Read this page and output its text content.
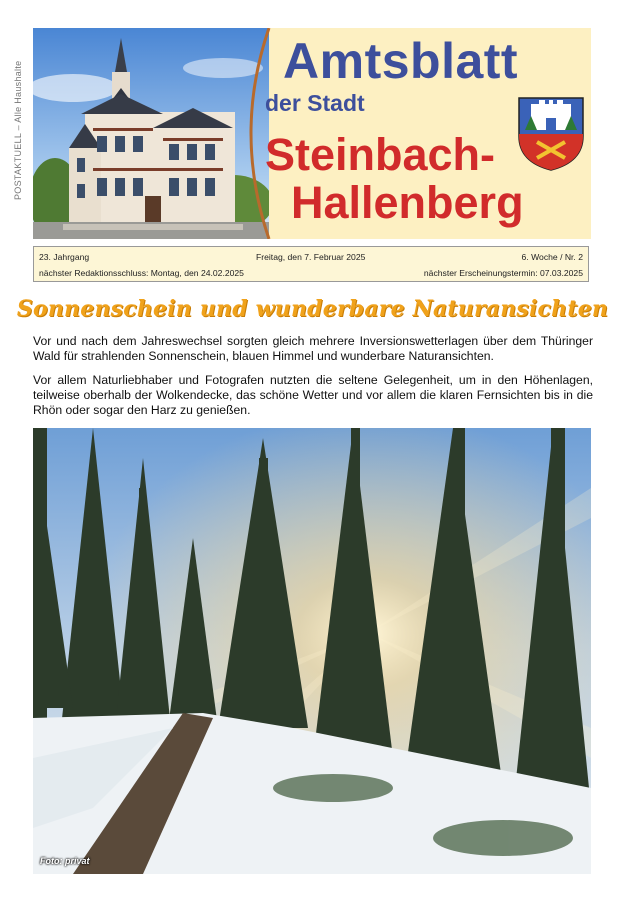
POSTAKTUELL – Alle Haushalte	Amtsblatt
der Stadt
Steinbach-
Hallenberg
23. Jahrgang	Freitag, den 7. Februar 2025	6. Woche / Nr. 2
nächster Redaktionsschluss: Montag, den 24.02.2025	nächster Erscheinungstermin: 07.03.2025
Sonnenschein und wunderbare Naturansichten
Vor und nach dem Jahreswechsel sorgten gleich mehrere Inversionswetterlagen über dem Thüringer Wald für strahlenden Sonnenschein, blauen Himmel und wunderbare Naturansichten.
Vor allem Naturliebhaber und Fotografen nutzten die seltene Gelegenheit, um in den Höhenlagen, teilweise oberhalb der Wolkendecke, das schöne Wetter und vor allem die klaren Fernsichten bis in die Rhön oder sogar den Harz zu genießen.
Foto: privat
